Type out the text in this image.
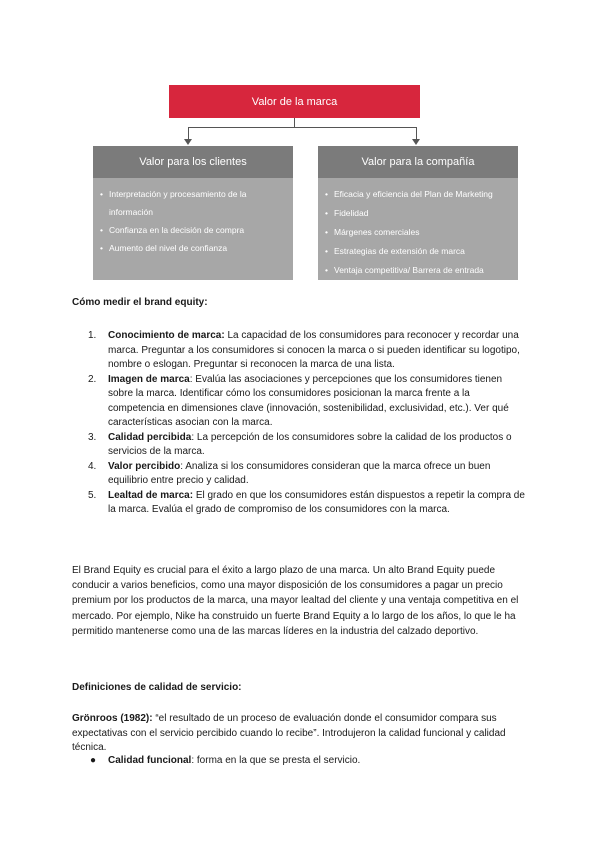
Valor de la marca
Valor para los clientes
• Interpretación y procesamiento de la información
• Confianza en la decisión de compra
• Aumento del nivel de confianza
Valor para la compañía
• Eficacia y eficiencia del Plan de Marketing
• Fidelidad
• Márgenes comerciales
• Estrategias de extensión de marca
• Ventaja competitiva/ Barrera de entrada
Cómo medir el brand equity:
1. Conocimiento de marca: La capacidad de los consumidores para reconocer y recordar una marca. Preguntar a los consumidores si conocen la marca o si pueden identificar su logotipo, nombre o eslogan. Preguntar si reconocen la marca de una lista.
2. Imagen de marca: Evalúa las asociaciones y percepciones que los consumidores tienen sobre la marca. Identificar cómo los consumidores posicionan la marca frente a la competencia en dimensiones clave (innovación, sostenibilidad, exclusividad, etc.). Ver qué características asocian con la marca.
3. Calidad percibida: La percepción de los consumidores sobre la calidad de los productos o servicios de la marca.
4. Valor percibido: Analiza si los consumidores consideran que la marca ofrece un buen equilibrio entre precio y calidad.
5. Lealtad de marca: El grado en que los consumidores están dispuestos a repetir la compra de la marca. Evalúa el grado de compromiso de los consumidores con la marca.

El Brand Equity es crucial para el éxito a largo plazo de una marca. Un alto Brand Equity puede conducir a varios beneficios, como una mayor disposición de los consumidores a pagar un precio premium por los productos de la marca, una mayor lealtad del cliente y una ventaja competitiva en el mercado. Por ejemplo, Nike ha construido un fuerte Brand Equity a lo largo de los años, lo que le ha permitido mantenerse como una de las marcas líderes en la industria del calzado deportivo.

Definiciones de calidad de servicio:

Grönroos (1982): “el resultado de un proceso de evaluación donde el consumidor compara sus expectativas con el servicio percibido cuando lo recibe”. Introdujeron la calidad funcional y calidad técnica.

● Calidad funcional: forma en la que se presta el servicio.
